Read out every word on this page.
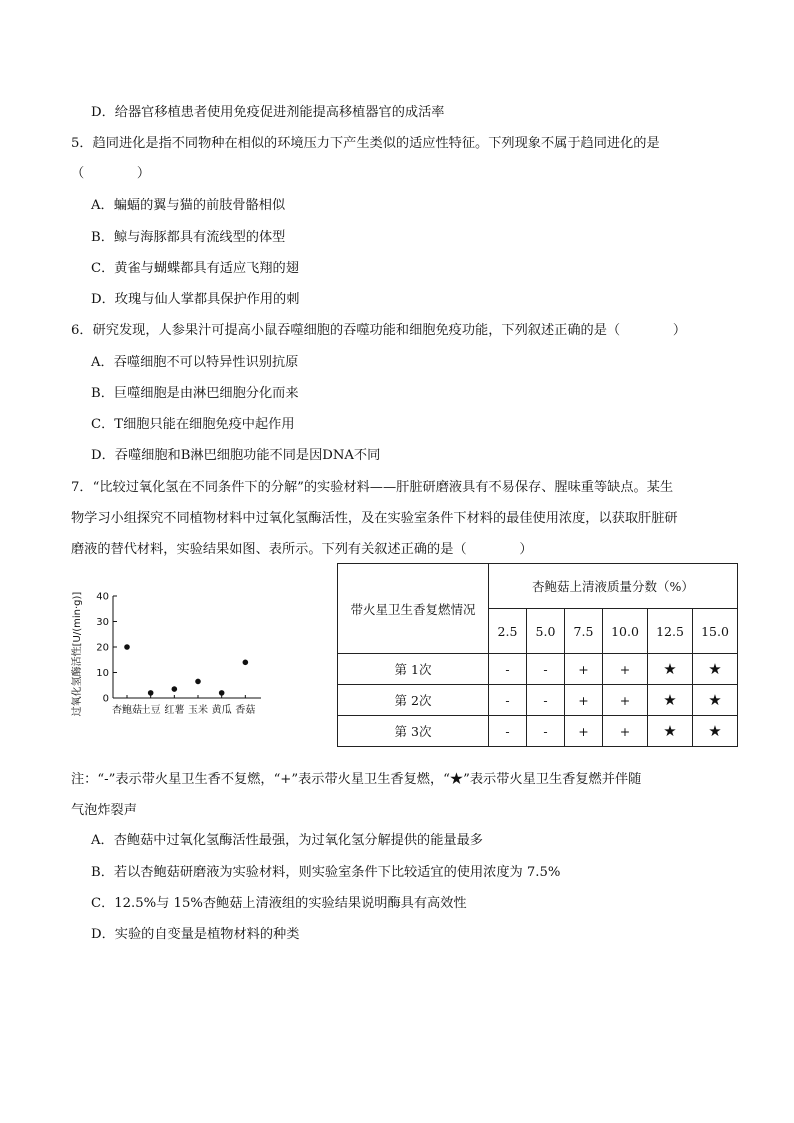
D．给器官移植患者使用免疫促进剂能提高移植器官的成活率
5．趋同进化是指不同物种在相似的环境压力下产生类似的适应性特征。下列现象不属于趋同进化的是
（　　　　）
A．蝙蝠的翼与猫的前肢骨骼相似
B．鲸与海豚都具有流线型的体型
C．黄雀与蝴蝶都具有适应飞翔的翅
D．玫瑰与仙人掌都具保护作用的刺
6．研究发现，人参果汁可提高小鼠吞噬细胞的吞噬功能和细胞免疫功能，下列叙述正确的是（　　　　）
A．吞噬细胞不可以特异性识别抗原
B．巨噬细胞是由淋巴细胞分化而来
C．T细胞只能在细胞免疫中起作用
D．吞噬细胞和B淋巴细胞功能不同是因DNA不同
7．“比较过氧化氢在不同条件下的分解”的实验材料——肝脏研磨液具有不易保存、腥味重等缺点。某生
物学习小组探究不同植物材料中过氧化氢酶活性，及在实验室条件下材料的最佳使用浓度，以获取肝脏研
磨液的替代材料，实验结果如图、表所示。下列有关叙述正确的是（　　　　）
过氧化氢酶活性[U/(min·g)] 0
10
20
30
40
杏鲍菇
土豆 红薯 玉米 黄瓜 香菇
带火星卫生香复燃情况	杏鲍菇上清液质量分数（%）					
	2.5	5.0	7.5	10.0	12.5	15.0
第 1次	-	-	+	+	★	★
第 2次	-	-	+	+	★	★
第 3次	-	-	+	+	★	★
注：“-”表示带火星卫生香不复燃，“+”表示带火星卫生香复燃，“★”表示带火星卫生香复燃并伴随
气泡炸裂声
A．杏鲍菇中过氧化氢酶活性最强，为过氧化氢分解提供的能量最多
B．若以杏鲍菇研磨液为实验材料，则实验室条件下比较适宜的使用浓度为 7.5%
C．12.5%与 15%杏鲍菇上清液组的实验结果说明酶具有高效性
D．实验的自变量是植物材料的种类
